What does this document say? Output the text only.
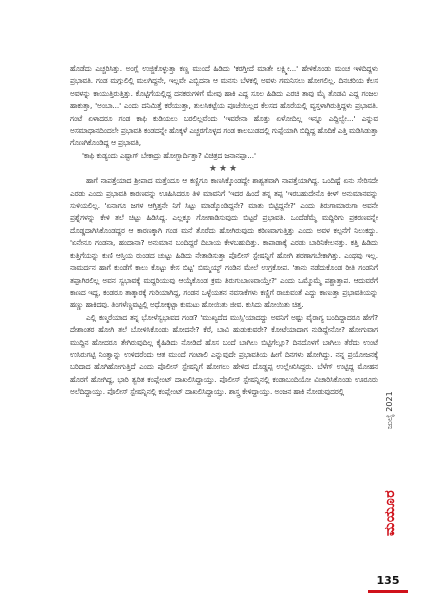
ಹೊಡೆದು ಎಚ್ಚರಿಸಿತ್ತು. ಅಂಗ್ಲೆ ಉಜ್ಜಿಕೊಳ್ಳುತ್ತಾ ಕಣ್ಣ ಮುಂದೆ ಹಿಡಿದು 'ಕರಗ್ತೀದೆ ಮಾತೇ ಲಕ್ಷ್ಮೀ...' ಹೇಳಿಕೊಂಡು ಮಂಚ ಇಳಿದಿದ್ದಳು ಪ್ರಭಾವತಿ. ಗಂಡ ಮಗ್ಗುಲಿಲ್ಲಿ ಮಲಗಿದ್ದನೇ, ಇಲ್ಲವೇ ಎಬ್ಬಿದನಾ ಆ ಮನಸು ಬೆಳಕಲ್ಲಿ ಅವಳು ಗಮನಿಸಲು ಹೋಗಲಿಲ್ಲ. ದಿನಚರಿಯ ಕೆಲಸ ಅವಳನ್ನು ಕಾಯುತ್ತಿರುತ್ತಿತ್ತು. ಕೊಟ್ಟಿಗೆಯಲ್ಲಿದ್ದ ದನಕರುಗಳಿಗೆ ಮೇವು ಹಾಕಿ ಎದ್ದ ಸೂಲ ಹಿಡಿದು ಎರಚಿ ತಾವು ಮೈ ತೊಡವಿ ಎದ್ದ ಗಂಜಲ ಹಾಕುತ್ತಾ, 'ಅಂಬಾ...' ಎಂದು ದನಿಮಿತ್ತೆ ಕರೆಯುತ್ತಾ, ತುಲಸಿಕಟ್ಟೆಯ ಪೂಜೆಯಿಲ್ಲದ ಕೆಲಸದ ಹೊರೆಯಲ್ಲಿ ವ್ಯಸ್ತಳಾಗಿರುತ್ತಿದ್ದಳು ಪ್ರಭಾವತಿ. ಗಂಟೆ ಏಳಾದರೂ ಗಂಡ ಕಾಫಿ ಕುಡಿಯಲು ಬರಲಿಲ್ಲವೆಂದು 'ಇವರೇನಾ ಹೊತ್ತು ಏಳೋದಿಲ್ಲ ಇನ್ನೂ ಎದ್ದಿಲ್ವೇ...' ಎನ್ನುವ ಅಸಮಾಧಾನದಿಂದಲೇ ಪ್ರಭಾವತಿ ಕಂಡದನ್ನೇ ಹೊಕ್ಕಳೆ ಎಚ್ಚರಗೊಳ್ಳದ ಗಂಡ ಕಾಲಬುಡದಲ್ಲಿ ಗುಪ್ಪೆಯಾಗಿ ಬಿದ್ದಿದ್ದ ಹೊದಿಕೆ ಎತ್ತಿ ಮಡಿಸಿಡುತ್ತಾ ಗೊಣಗಿಕೊಂಡಿದ್ದ ಆ ಪ್ರಭಾವತಿ,

'ಕಾಫಿ ಕುಡ್ಯಂದು ಎಷ್ಟಾಗ್ ಬೇಕಾದ್ರು ಹೋಗ್ಬಾರ್ದಿತ್ತಾ? ವಿಚಿತ್ರದ ಜನಾನಪ್ಪಾ...'

★★★

ಹಾಗೆ ನಾಪತ್ತೆಯಾದ ಶ್ರೀಪಾದ ಮತ್ತೆಂದೂ ಆ ಕಣ್ಣಿಗೂ ಕಾಣಸಿಕ್ಕೊಂಡದ್ದೇ ಶಾಶ್ವತವಾಗಿ ನಾಪತ್ತೆಯಾಗಿದ್ದ. ಒಂದಿಷ್ಟೆ ಏನು ಸೇರಿಸದೇ ಎರಡು ಎಂದು ಪ್ರಭಾವತಿ ಕಾರಣವನ್ನು ಊಹಿಸಿದರೂ ತಿಳಿ ಮಾವನಿಗೆ 'ಇದರ ಹಿಂದೆ ತನ್ನ ತಪ್ಪ 'ಇರಬಹುದೇನೊ ಕೀಳ್ ಅನುಮಾನವನ್ನು ಸುಳಿಯಲಿಲ್ಲ. 'ಏನಾಗೂ ಜಗಳ ಆಗ್ತಿತ್ತನೇ ನಿಗೆ ಸಿಟ್ಟು ಮಾಡ್ಕೊಂಡಿದ್ದನೇ? ಮಾತು ಬಿಟ್ಟಿದ್ದನೇ?' ಎಂದು ತಿರುಗಾಮಾರುಗಾ ಅವನೇ ಪ್ರಶ್ನೆಗಳನ್ನು ಕೇಳಿ ತಲೆ ಚಿಟ್ಟು ಹಿಡಿಸಿದ್ದ. ಎಲ್ಲಕ್ಕೂ ಗೋಣಾಡಿಸುವುದು ಬಿಟ್ಟರೆ ಪ್ರಭಾವತಿ. ಒಂದೆಡೆಮ್ಮೆ ಮದ್ದಿರಿಗು ಪ್ರಕರಣವನ್ನೇ ದೊಡ್ಡದಾಗಿಸಿಕೊಂಡದ್ದರ ಆ ಕಾರಣಕ್ಕಾಗಿ ಗಂಡ ಮನೆ ತೊರೆದು ಹೋಗಿರುವುದು ಕಠಿಣವಾಗುತ್ತಿತ್ತು ಎಂದು ಅವಳ ಕಲ್ಪನೆಗೆ ನಿಲುಕದ್ದು. 'ಏನೇನೂ ಗಂಡನಾ, ಹಂದಾನಾ? ಅನುಮಾನ ಬಂದಿದ್ದರೆ ದಿಬಾಯ ಕೇಳಬಹುದಿತ್ತು. ಕಾಪಾಡಾಕ್ಕೆ ಎರಡು ಬಾರಿನಿಕೇಲನತ್ತು. ಕತ್ತಿ ಹಿಡಿದು ಕುತ್ತಿಗೆಯನ್ನು ಕುಣಿ ಆಸ್ತಿಯ ರುಂಡದ ಚುಟ್ಟು ಹಿಡಿದು ನೇತಾಡಿಸುತ್ತಾ ಪೊಲೀಸ್ ಸ್ಟೇಷನ್ನಿಗೆ ಹೋಗಿ ಶರಣಾಗಬೇಕಾಗಿತ್ತು. ಎಂಥವು ಇಲ್ಲ. ನಾಮರ್ದನ ಹಾಗೆ ಕುಂಡೆಗೆ ಕಾಲು ಕೊಟ್ಟು ಕೇಸ ಬಿಟ್ಟ' ಬಿಮ್ಮಯ್ಯ್ ಗಂಡಿನ ಮೇಲೆ ಉಗ್ರಕೋಪ. 'ತಾನು ನಡೆದುಕೊಂಡ ರೀತಿ ಗಂಡನಿಗೆ ತಪ್ಪಾಗಿರಲಿಲ್ಲ ಅವನ ಸ್ವಭಾವಕ್ಕೆ ಮದ್ದರಿಯುವು ಆಯ್ಕೆಕೊಂಡ ಕ್ರಮ ತಿರುಗುಬಾಣವಾಯ್ತೇ?' ಎಂದು ಒಮ್ಮೊಮ್ಮೆ ಪಶ್ಚಾತ್ತಾಪ. ಆದುವರೆಗೆ ಕಾಣದ ಇದ್ದ, ಕಂಡರೂ ತಾತ್ಕಾರಕ್ಕೆ ಗುರಿಯಾಗಿದ್ದ, ಗಂಡನ ಒಳ್ಳೆಯತನ ನವಸಾಕೆಗಳು ಕಣ್ಣಿಗೆ ರಾಚುವಂತೆ ಎದ್ದು ಕಾಣುತ್ತಾ ಪ್ರಭಾವತಿಯನ್ನು ಹಣ್ಣು ಹಾಕಿದವು. ತಿಂಗಳೆಣ್ಣವಟ್ಟಲ್ಲಿ ಅಧೋಕ್ಕಟ್ಟಾ ಕುಮಟು ಹೋಯಿತು ಜೀವ. ಕುಸಿದು ಹೋಯಿತು ಚಿತ್ತ.

ಎಲ್ಲಿ ಕಣ್ಮರೆಯಾದ ತನ್ನ ಭೋಳೆಸ್ವಭಾವದ ಗಂಡ? 'ಮುಖ್ಯದೆದ ಮುಸ್ಸಿ'ಯಾದದ್ದು ಅವನಿಗೆ ಅಷ್ಟು ವೈರಾಗ್ಯ ಬಂದಿದ್ದಾದರೂ ಹೇಗೆ? ದೇಶಾಂತರ ಹೋಗಿ ತಲೆ ಬೋಳಿಸಿಕೊಂಡು ಹೋದನೇ? ಕೆರೆ, ಬಾವಿ ಹುಡುಕುವರೇ? ಕೋಟೆಯಾದಾಗ ನುಡಿದ್ದೇನೋ? ಹೋಗುವಾಗ ಮುದ್ದಿನ ಹೋದರೂ ತೇಗಿರುವುದಿಲ್ಲ ಕೈಹಿಡಿದು ನೋಡಿದೆ ಹೊಸ ಬಂದೆ ಬಾಗಿಲು ಬಿಟ್ಟಿಗೆಲ್ಲೂ? ದಿನದೊಳಗೆ ಬಾಗಿಲು ತೆರೆದು ಉಂಟೆ ಉಸಿರುಗಟ್ಟಿ ನಿಂತ್ವಾನ್ನು ಉಳಿದರೆಂದು ಆತ ಮುಂದೆ ಗಂಟಾಲಿ ಎನ್ನುವುದೇ ಪ್ರಭಾವತಿಯ ಹೀಗೆ ದಿನಗಳು ಹೋಗಿದ್ದು. ನನ್ನ ಪ್ರಯೋಜನಕ್ಕೆ ಬರಿದಾದ ಹೊಗಿಹೋಗುತ್ತಿದೆ ಎಂದು ಪೊಲೀಸ್ ಸ್ಟೇಷನ್ನಿಗೆ ಹೋಗಲು ಹೇಳಿದ ದೊಡ್ಡಪ್ಪ ಉಲ್ಲೇಖಿಸಿದ್ದರು. ಬೆಳೆಗ್ ಉಟ್ಟಿದ್ದ ಮೋಹನ ಹೊರಗೆ ಹೋಗಿದ್ದ, ಭಾರಿ ತ್ವರಿತ ಕಂಪ್ಲೇಂಟ್ ದಾಖಲಿಸಿದ್ದಾಯ್ತು. ಪೊಲೀಸ್ ಸ್ಟೇಷನ್ನಿನಲ್ಲಿ ಕಂಡಾಬಂದಿಯೋ ವಿಚಾರಿಸಿಕೊಂಡು ಊರೂರು ಅಲೆದಿದ್ದಾಯ್ತು. ಪೊಲೀಸ್ ಸ್ಟೇಷನ್ನಿನಲ್ಲಿ ಕಂಪ್ಲೇಂಟ್ ದಾಖಲಿಸಿದ್ದಾಯ್ತು. ಶಾಸ್ತ್ರ ಕೇಳಿದ್ದಾಯ್ತು. ಅಂಜನ ಹಾಕಿ ನೋಡುವುದರಲ್ಲಿ	ಜುಲೈ 2021
ಮಯೂರ
135
